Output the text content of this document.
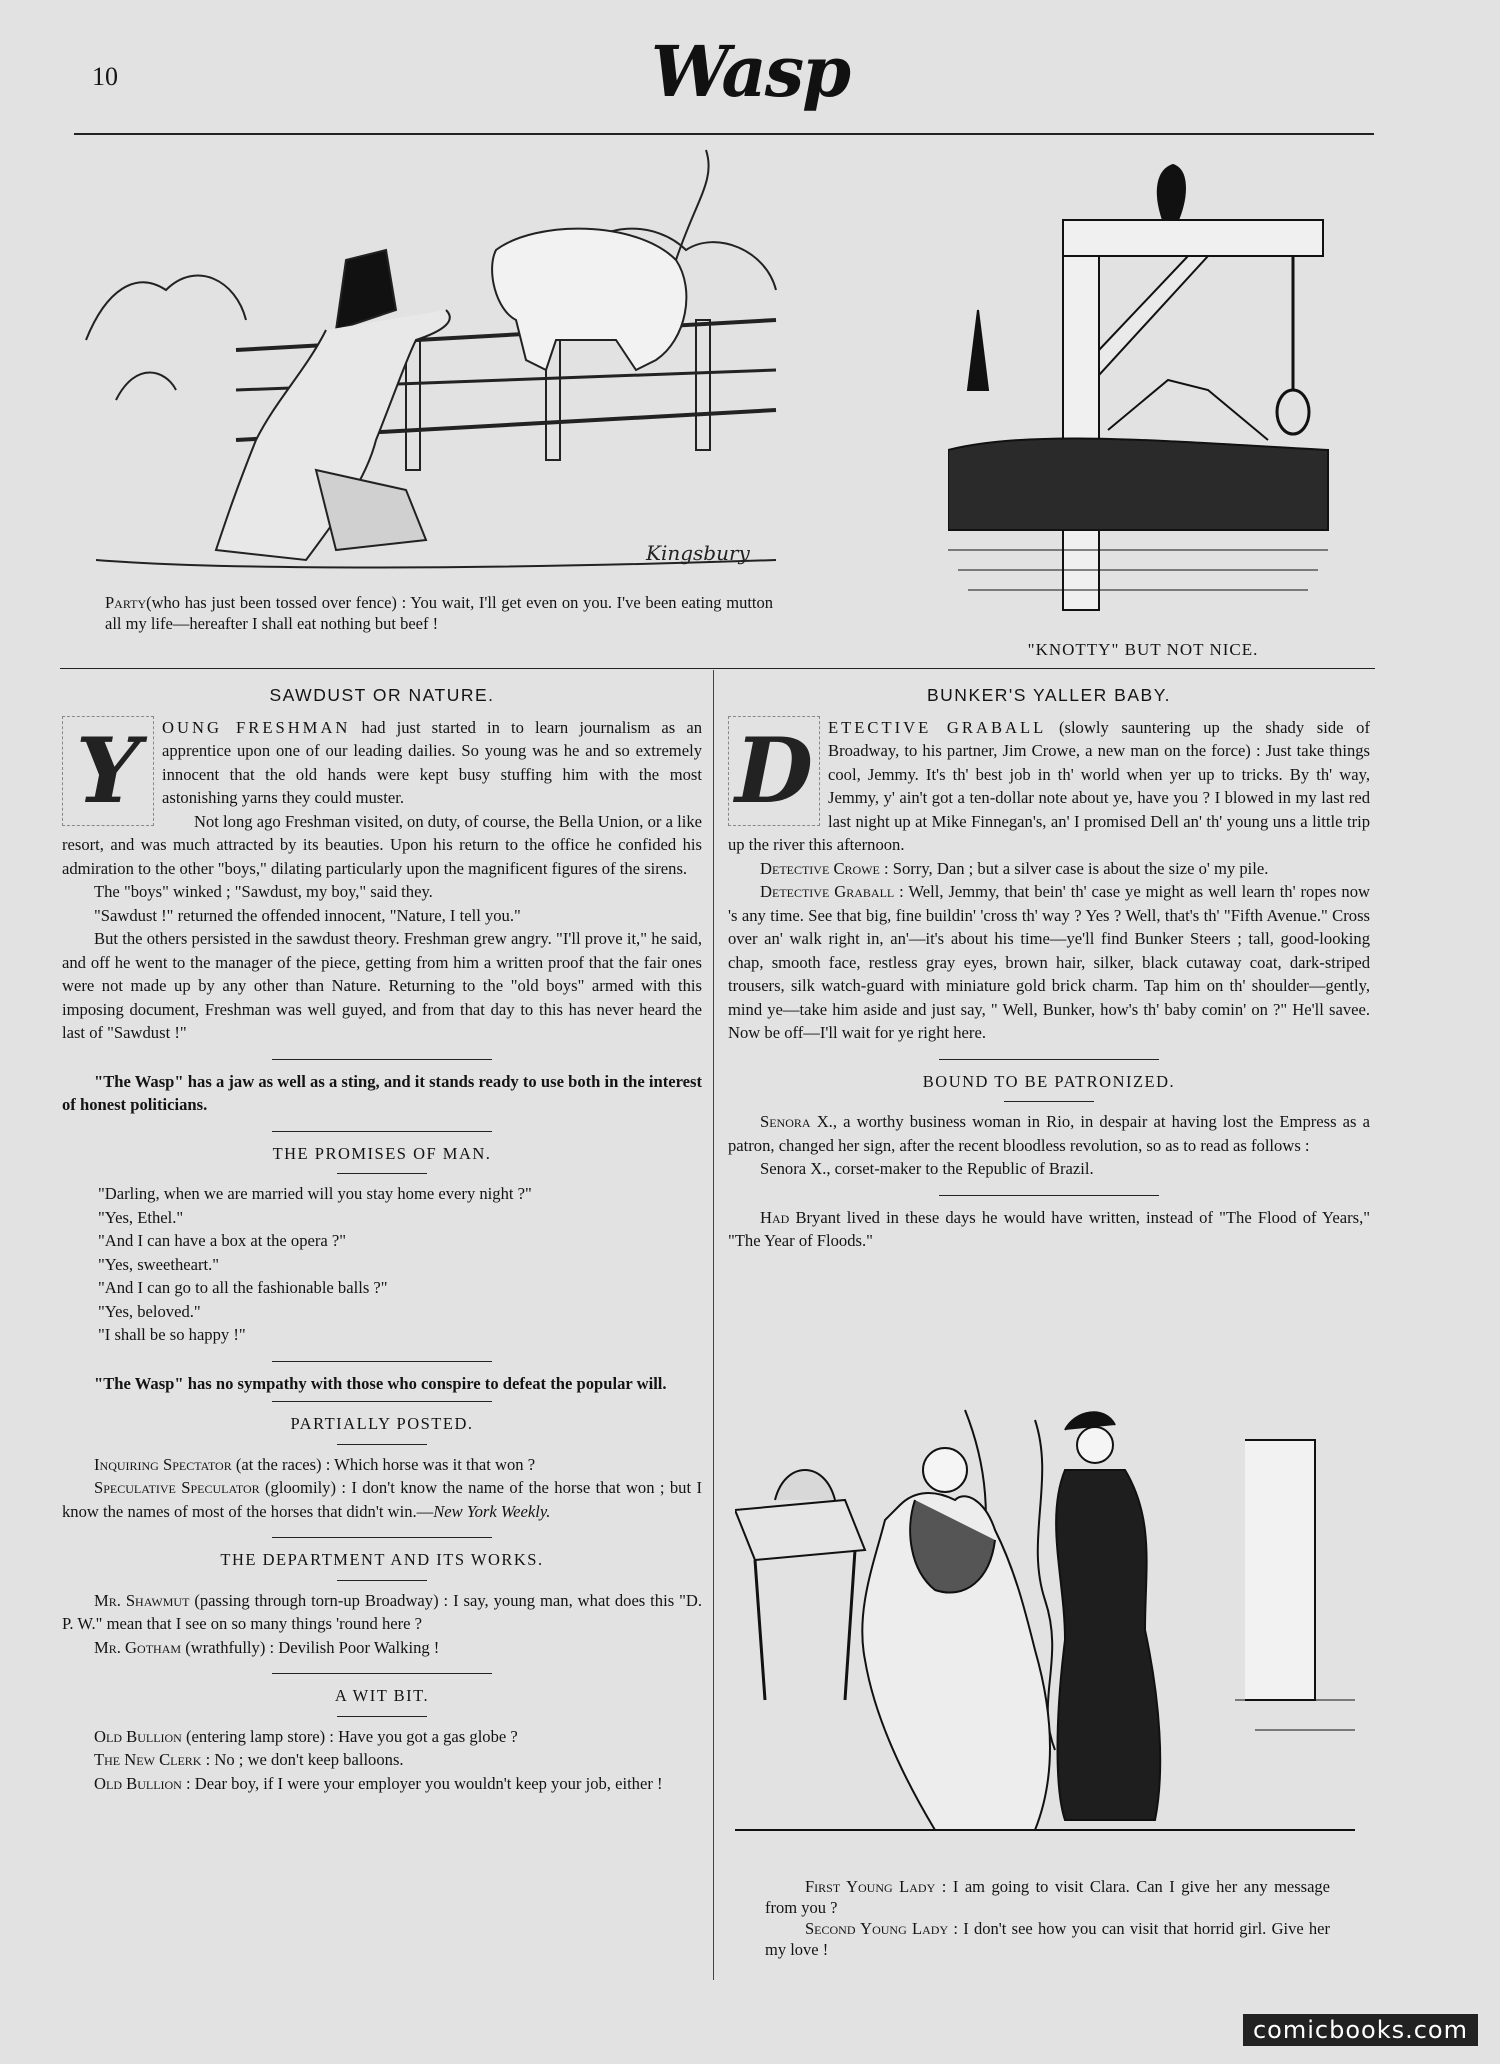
10	Wasp
Kingsbury
Party(who has just been tossed over fence) : You wait, I'll get even on you. I've been eating mutton all my life—hereafter I shall eat nothing but beef !
"KNOTTY" BUT NOT NICE.
SAWDUST OR NATURE.

Y	OUNG FRESHMAN had just started in to learn journalism as an apprentice upon one of our leading dailies. So young was he and so extremely innocent that the old hands were kept busy stuffing him with the most astonishing yarns they could muster.

Not long ago Freshman visited, on duty, of course, the Bella Union, or a like resort, and was much attracted by its beauties. Upon his return to the office he confided his admiration to the other "boys," dilating particularly upon the magnificent figures of the sirens.

The "boys" winked ; "Sawdust, my boy," said they.

"Sawdust !" returned the offended innocent, "Nature, I tell you."

But the others persisted in the sawdust theory. Freshman grew angry. "I'll prove it," he said, and off he went to the manager of the piece, getting from him a written proof that the fair ones were not made up by any other than Nature. Returning to the "old boys" armed with this imposing document, Freshman was well guyed, and from that day to this has never heard the last of "Sawdust !"

"The Wasp" has a jaw as well as a sting, and it stands ready to use both in the interest of honest politicians.

THE PROMISES OF MAN.

"Darling, when we are married will you stay home every night ?"

"Yes, Ethel."

"And I can have a box at the opera ?"

"Yes, sweetheart."

"And I can go to all the fashionable balls ?"

"Yes, beloved."

"I shall be so happy !"

"The Wasp" has no sympathy with those who conspire to defeat the popular will.

PARTIALLY POSTED.

Inquiring Spectator (at the races) : Which horse was it that won ?

Speculative Speculator (gloomily) : I don't know the name of the horse that won ; but I know the names of most of the horses that didn't win.—New York Weekly.

THE DEPARTMENT AND ITS WORKS.

Mr. Shawmut (passing through torn-up Broadway) : I say, young man, what does this "D. P. W." mean that I see on so many things 'round here ?

Mr. Gotham (wrathfully) : Devilish Poor Walking !

A WIT BIT.

Old Bullion (entering lamp store) : Have you got a gas globe ?

The New Clerk : No ; we don't keep balloons.

Old Bullion : Dear boy, if I were your employer you wouldn't keep your job, either !

BUNKER'S YALLER BABY.

D ETECTIVE GRABALL (slowly sauntering up the shady side of Broadway, to his partner, Jim Crowe, a new man on the force) : Just take things cool, Jemmy. It's th' best job in th' world when yer up to tricks. By th' way, Jemmy, y' ain't got a ten-dollar note about ye, have you ? I blowed in my last red last night up at Mike Finnegan's, an' I promised Dell an' th' young uns a little trip up the river this afternoon.

Detective Crowe : Sorry, Dan ; but a silver case is about the size o' my pile.

Detective Graball : Well, Jemmy, that bein' th' case ye might as well learn th' ropes now 's any time. See that big, fine buildin' 'cross th' way ? Yes ? Well, that's th' "Fifth Avenue." Cross over an' walk right in, an'—it's about his time—ye'll find Bunker Steers ; tall, good-looking chap, smooth face, restless gray eyes, brown hair, silker, black cutaway coat, dark-striped trousers, silk watch-guard with miniature gold brick charm. Tap him on th' shoulder—gently, mind ye—take him aside and just say, " Well, Bunker, how's th' baby comin' on ?" He'll savee. Now be off—I'll wait for ye right here.

BOUND TO BE PATRONIZED.

Senora X., a worthy business woman in Rio, in despair at having lost the Empress as a patron, changed her sign, after the recent bloodless revolution, so as to read as follows :

Senora X., corset-maker to the Republic of Brazil.

Had Bryant lived in these days he would have written, instead of "The Flood of Years," "The Year of Floods."

First Young Lady : I am going to visit Clara. Can I give her any message from you ?
Second Young Lady : I don't see how you can visit that horrid girl. Give her my love !
comicbooks.com
